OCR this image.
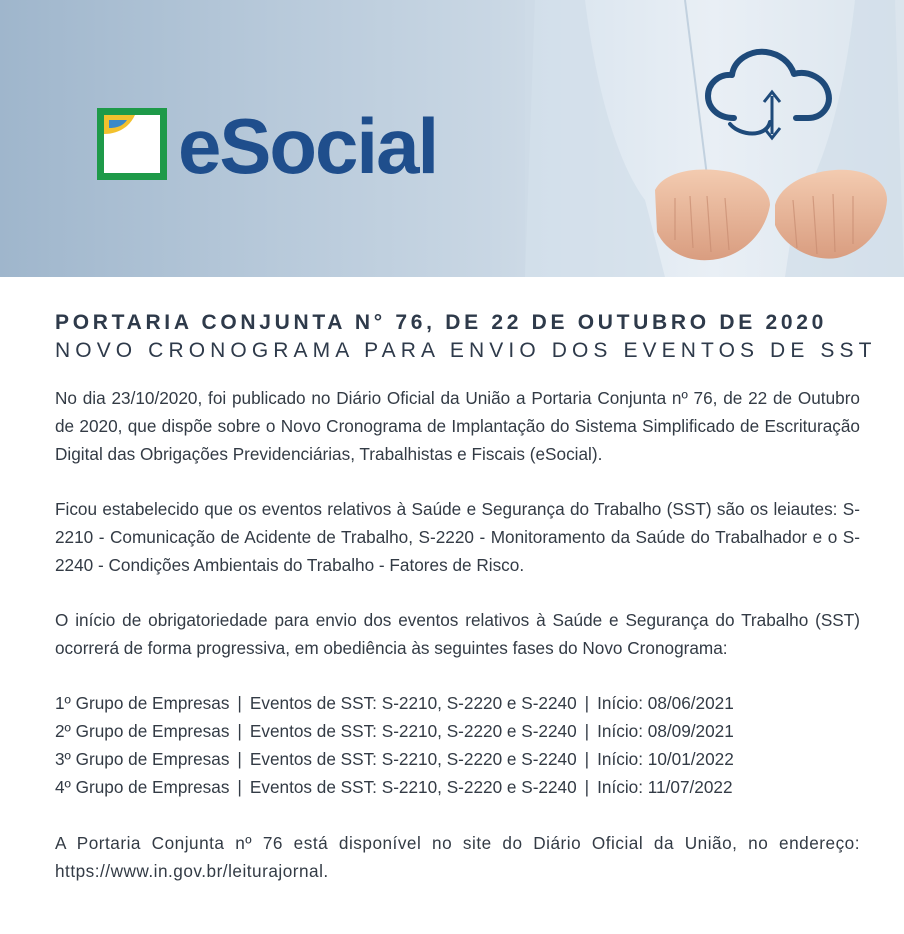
eSocial
PORTARIA CONJUNTA N° 76, DE 22 DE OUTUBRO DE 2020
NOVO CRONOGRAMA PARA ENVIO DOS EVENTOS DE SST

No dia 23/10/2020, foi publicado no Diário Oficial da União a Portaria Conjunta nº 76, de 22 de Outubro de 2020, que dispõe sobre o Novo Cronograma de Implantação do Sistema Simplificado de Escrituração Digital das Obrigações Previdenciárias, Trabalhistas e Fiscais (eSocial).

Ficou estabelecido que os eventos relativos à Saúde e Segurança do Trabalho (SST) são os leiautes: S-2210 - Comunicação de Acidente de Trabalho, S-2220 - Monitoramento da Saúde do Trabalhador e o S-2240 - Condições Ambientais do Trabalho - Fatores de Risco.

O início de obrigatoriedade para envio dos eventos relativos à Saúde e Segurança do Trabalho (SST) ocorrerá de forma progressiva, em obediência às seguintes fases do Novo Cronograma:

1º Grupo de Empresas | Eventos de SST: S-2210, S-2220 e S-2240 | Início: 08/06/2021
2º Grupo de Empresas | Eventos de SST: S-2210, S-2220 e S-2240 | Início: 08/09/2021
3º Grupo de Empresas | Eventos de SST: S-2210, S-2220 e S-2240 | Início: 10/01/2022
4º Grupo de Empresas | Eventos de SST: S-2210, S-2220 e S-2240 | Início: 11/07/2022

A Portaria Conjunta nº 76 está disponível no site do Diário Oficial da União, no endereço: https://www.in.gov.br/leiturajornal.
